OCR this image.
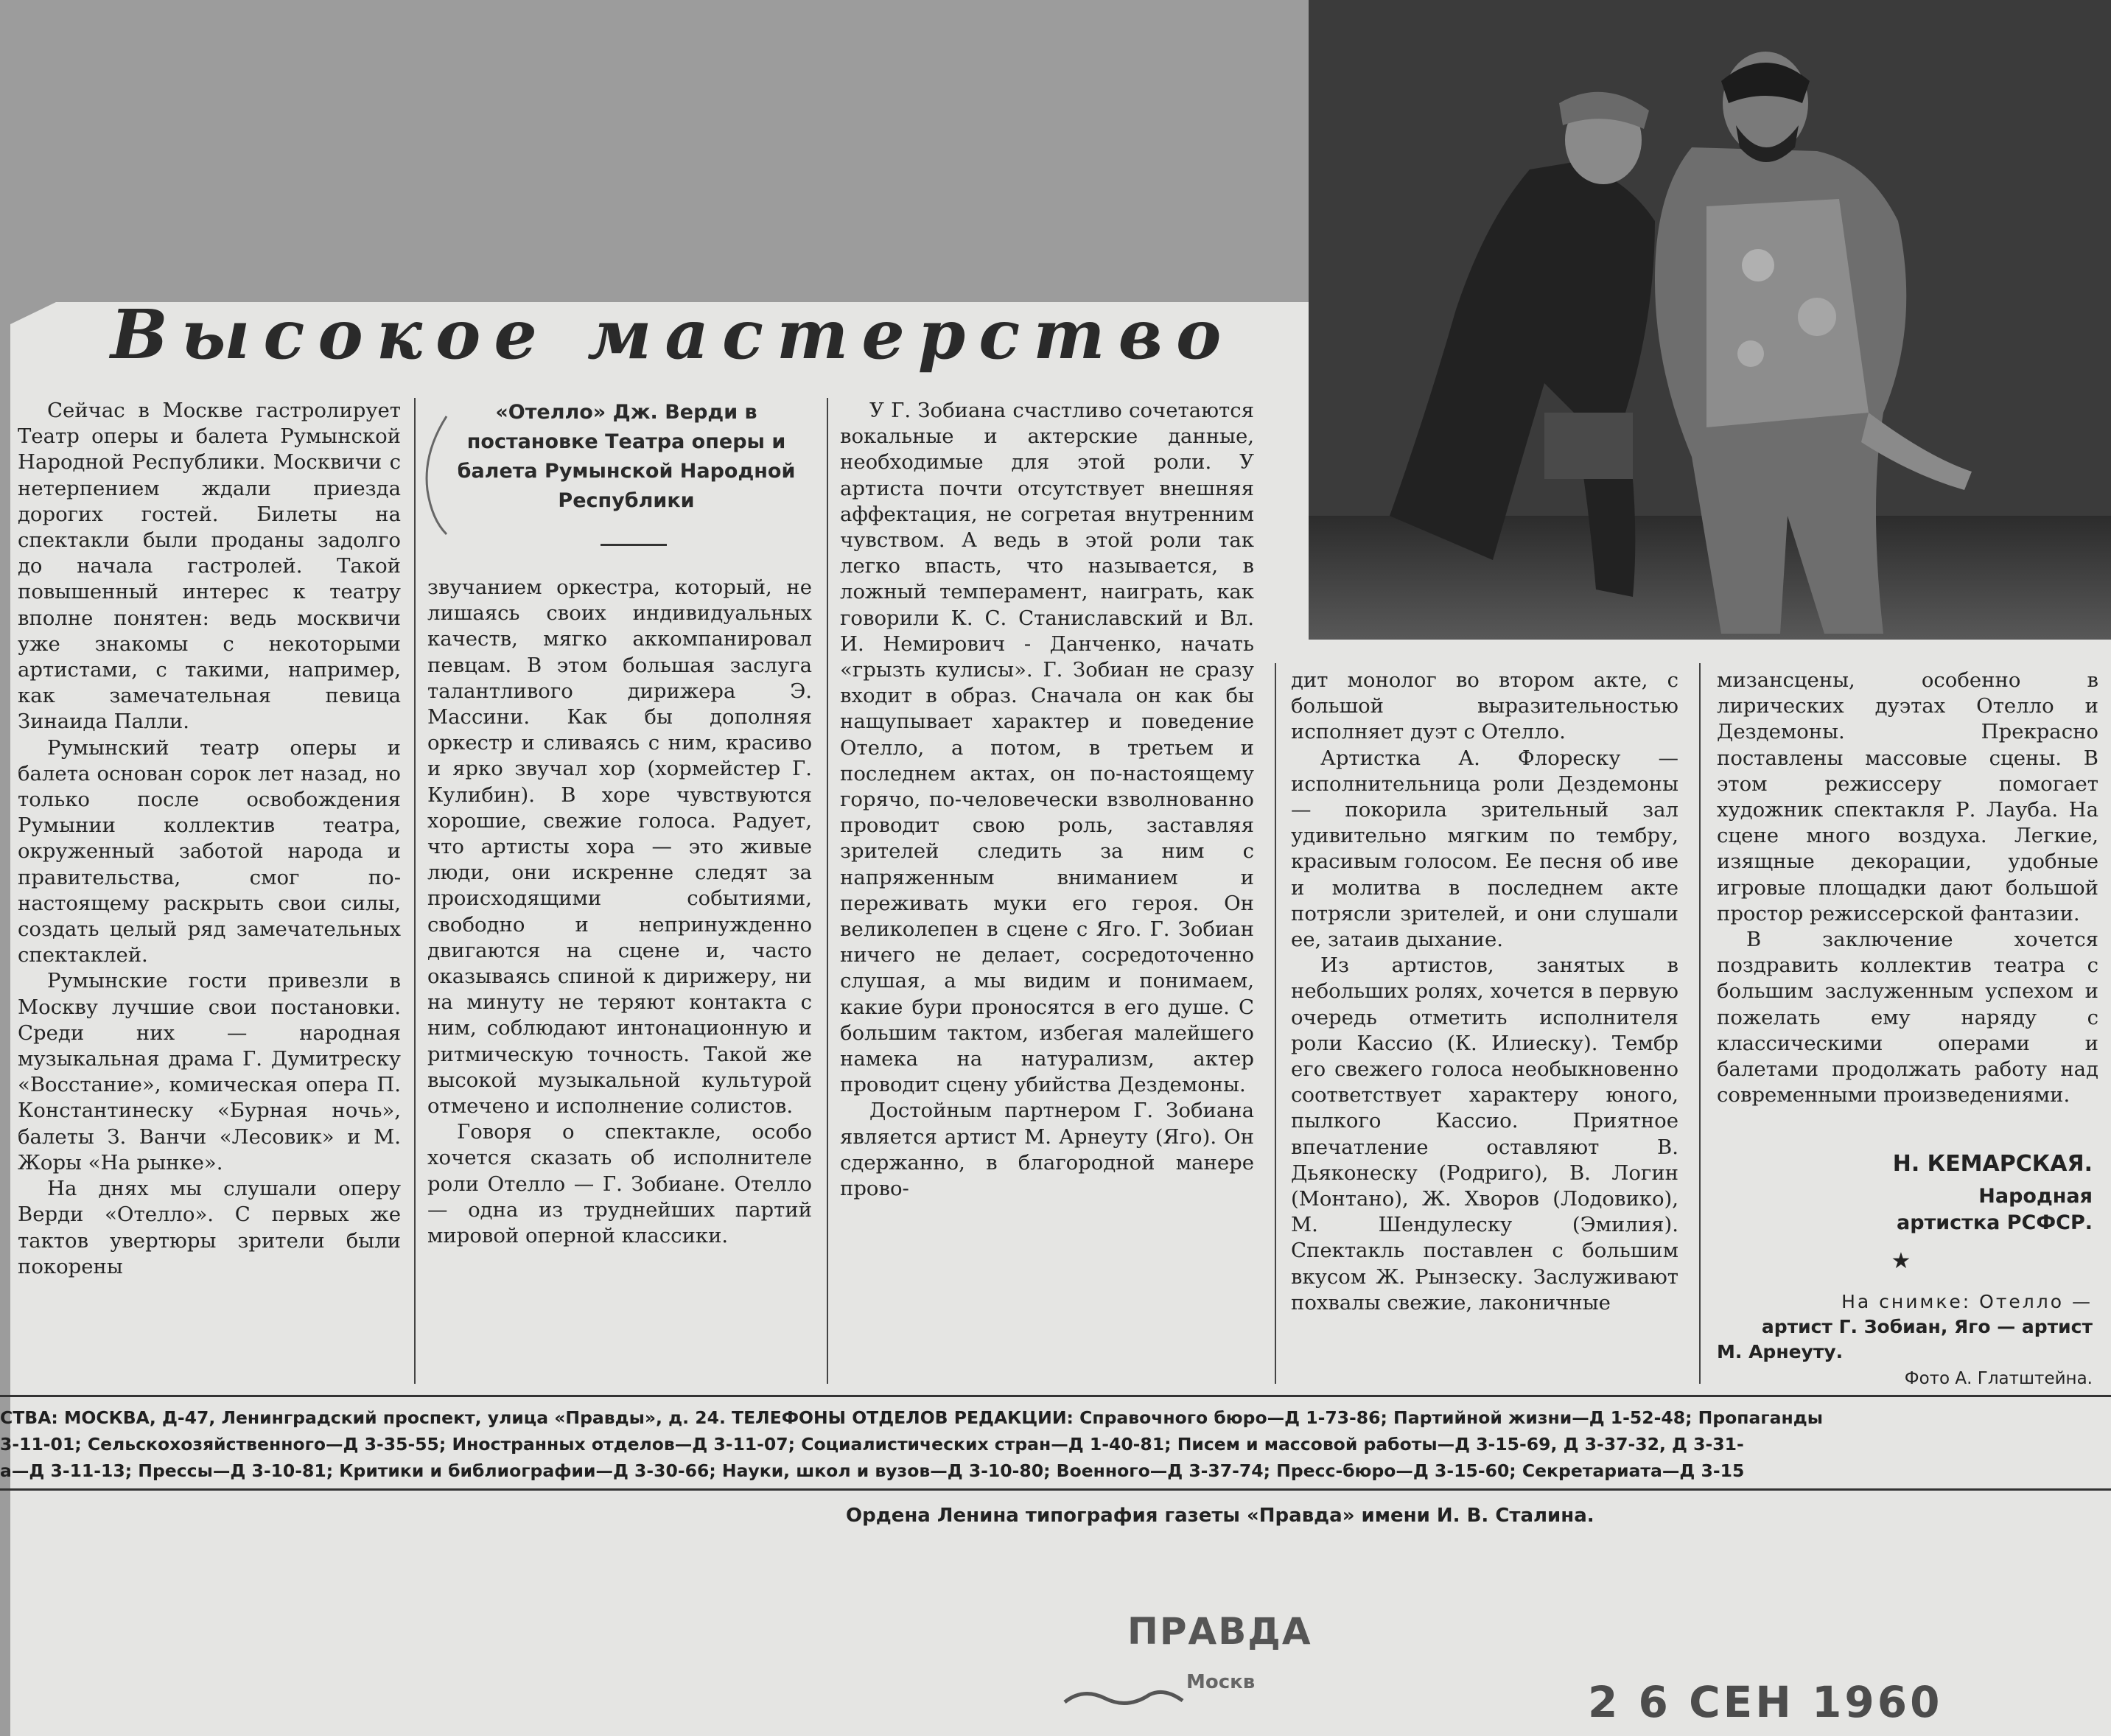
Высокое мастерство

Сейчас в Москве гастролирует Театр оперы и балета Румынской Народной Республики. Москвичи с нетерпением ждали приезда дорогих гостей. Билеты на спектакли были проданы задолго до начала гастролей. Такой повышенный интерес к театру вполне понятен: ведь москвичи уже знакомы с некоторыми артистами, с такими, например, как замечательная певица Зинаида Палли.

Румынский театр оперы и балета основан сорок лет назад, но только после освобождения Румынии коллектив театра, окруженный заботой народа и правительства, смог по-настоящему раскрыть свои силы, создать целый ряд замечательных спектаклей.

Румынские гости привезли в Москву лучшие свои постановки. Среди них — народная музыкальная драма Г. Думитреску «Восстание», комическая опера П. Константинеску «Бурная ночь», балеты З. Ванчи «Лесовик» и М. Жоры «На рынке».

На днях мы слушали оперу Верди «Отелло». С первых же тактов увертюры зрители были покорены

«Отелло» Дж. Верди в постановке Театра оперы и балета Румынской Народной Республики

звучанием оркестра, который, не лишаясь своих индивидуальных качеств, мягко аккомпанировал певцам. В этом большая заслуга талантливого дирижера Э. Массини. Как бы дополняя оркестр и сливаясь с ним, красиво и ярко звучал хор (хормейстер Г. Кулибин). В хоре чувствуются хорошие, свежие голоса. Радует, что артисты хора — это живые люди, они искренне следят за происходящими событиями, свободно и непринужденно двигаются на сцене и, часто оказываясь спиной к дирижеру, ни на минуту не теряют контакта с ним, соблюдают интонационную и ритмическую точность. Такой же высокой музыкальной культурой отмечено и исполнение солистов.

Говоря о спектакле, особо хочется сказать об исполнителе роли Отелло — Г. Зобиане. Отелло — одна из труднейших партий мировой оперной классики.

У Г. Зобиана счастливо сочетаются вокальные и актерские данные, необходимые для этой роли. У артиста почти отсутствует внешняя аффектация, не согретая внутренним чувством. А ведь в этой роли так легко впасть, что называется, в ложный темперамент, наиграть, как говорили К. С. Станиславский и Вл. И. Немирович - Данченко, начать «грызть кулисы». Г. Зобиан не сразу входит в образ. Сначала он как бы нащупывает характер и поведение Отелло, а потом, в третьем и последнем актах, он по-настоящему горячо, по-человечески взволнованно проводит свою роль, заставляя зрителей следить за ним с напряженным вниманием и переживать муки его героя. Он великолепен в сцене с Яго. Г. Зобиан ничего не делает, сосредоточенно слушая, а мы видим и понимаем, какие бури проносятся в его душе. С большим тактом, избегая малейшего намека на натурализм, актер проводит сцену убийства Дездемоны.

Достойным партнером Г. Зобиана является артист М. Арнеуту (Яго). Он сдержанно, в благородной манере прово-

дит монолог во втором акте, с большой выразительностью исполняет дуэт с Отелло.

Артистка А. Флореску — исполнительница роли Дездемоны — покорила зрительный зал удивительно мягким по тембру, красивым голосом. Ее песня об иве и молитва в последнем акте потрясли зрителей, и они слушали ее, затаив дыхание.

Из артистов, занятых в небольших ролях, хочется в первую очередь отметить исполнителя роли Кассио (К. Илиеску). Тембр его свежего голоса необыкновенно соответствует характеру юного, пылкого Кассио. Приятное впечатление оставляют В. Дьяконеску (Родриго), В. Логин (Монтано), Ж. Хворов (Лодовико), М. Шендулеску (Эмилия). Спектакль поставлен с большим вкусом Ж. Рынзеску. Заслуживают похвалы свежие, лаконичные

мизансцены, особенно в лирических дуэтах Отелло и Дездемоны. Прекрасно поставлены массовые сцены. В этом режиссеру помогает художник спектакля Р. Лауба. На сцене много воздуха. Легкие, изящные декорации, удобные игровые площадки дают большой простор режиссерской фантазии.

В заключение хочется поздравить коллектив театра с большим заслуженным успехом и пожелать ему наряду с классическими операми и балетами продолжать работу над современными произведениями.

Н. КЕМАРСКАЯ.

Народная

артистка РСФСР.

★

На снимке: Отелло —

артист Г. Зобиан, Яго — артист

М. Арнеуту.

Фото А. Глатштейна.

СТВА: МОСКВА, Д-47, Ленинградский проспект, улица «Правды», д. 24. ТЕЛЕФОНЫ ОТДЕЛОВ РЕДАКЦИИ: Справочного бюро—Д 1-73-86; Партийной жизни—Д 1-52-48; Пропаганды

3-11-01; Сельскохозяйственного—Д 3-35-55; Иностранных отделов—Д 3-11-07; Социалистических стран—Д 1-40-81; Писем и массовой работы—Д 3-15-69, Д 3-37-32, Д 3-31-

а—Д 3-11-13; Прессы—Д 3-10-81; Критики и библиографии—Д 3-30-66; Науки, школ и вузов—Д 3-10-80; Военного—Д 3-37-74; Пресс-бюро—Д 3-15-60; Секретариата—Д 3-15

Ордена Ленина типография газеты «Правда» имени И. В. Сталина.

ПРАВДА

Москв	2 6 СЕН 1960
